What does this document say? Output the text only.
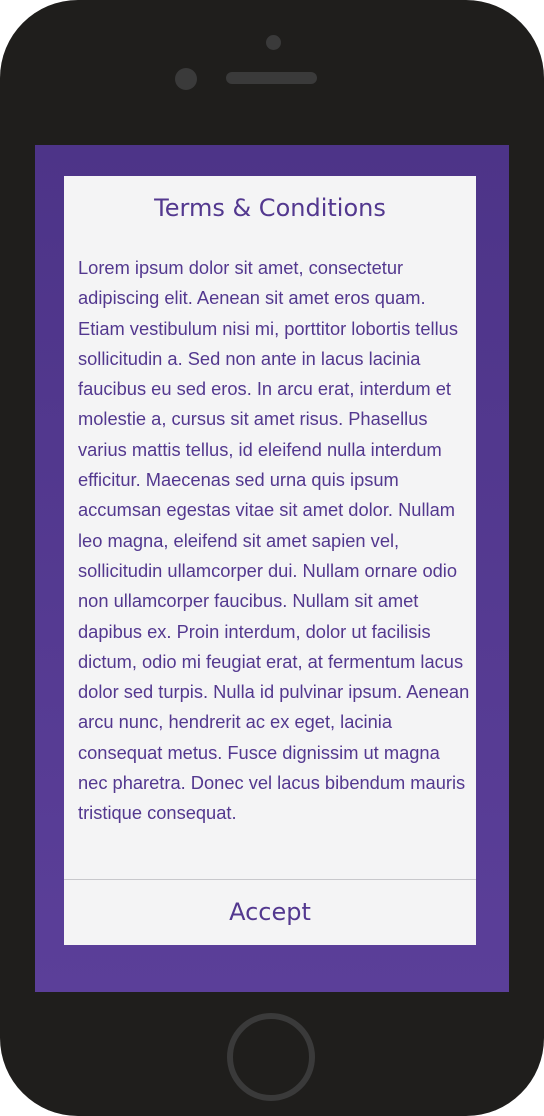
Terms & Conditions

Lorem ipsum dolor sit amet, consectetur adipiscing elit. Aenean sit amet eros quam. Etiam vestibulum nisi mi, porttitor lobortis tellus sollicitudin a. Sed non ante in lacus lacinia faucibus eu sed eros. In arcu erat, interdum et molestie a, cursus sit amet risus. Phasellus varius mattis tellus, id eleifend nulla interdum efficitur. Maecenas sed urna quis ipsum accumsan egestas vitae sit amet dolor. Nullam leo magna, eleifend sit amet sapien vel, sollicitudin ullamcorper dui. Nullam ornare odio non ullamcorper faucibus. Nullam sit amet dapibus ex. Proin interdum, dolor ut facilisis dictum, odio mi feugiat erat, at fermentum lacus dolor sed turpis. Nulla id pulvinar ipsum. Aenean arcu nunc, hendrerit ac ex eget, lacinia consequat metus. Fusce dignissim ut magna nec pharetra. Donec vel lacus bibendum mauris tristique consequat.

Accept
